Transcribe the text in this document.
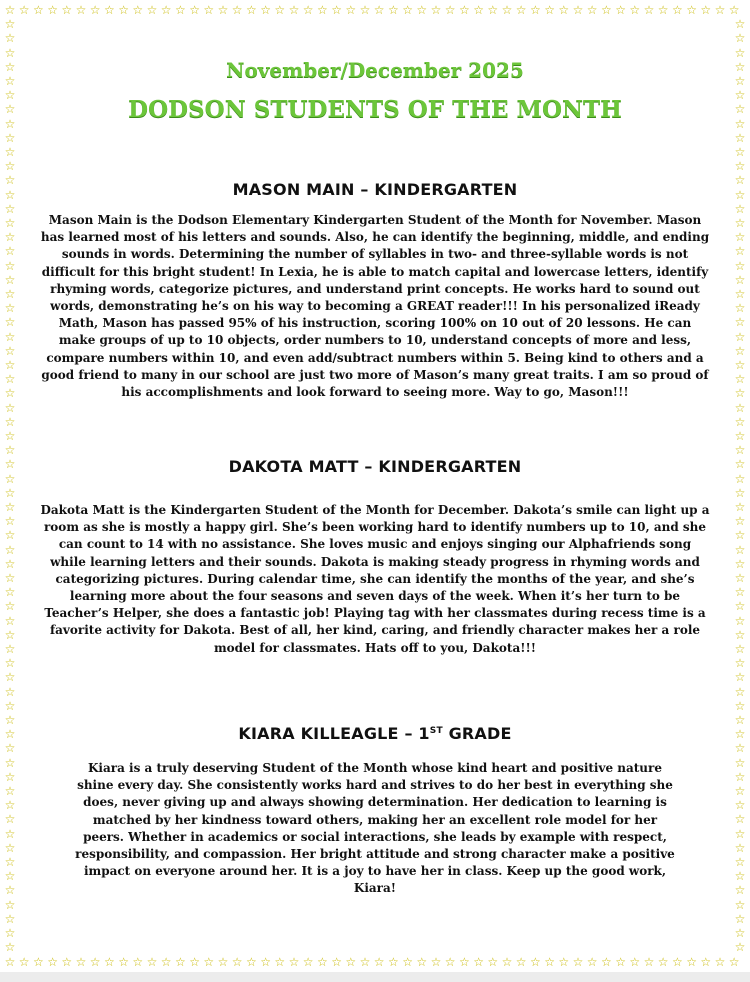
☆
☆
☆
☆
☆
☆
☆
☆
☆
☆
☆
☆
☆
☆
☆
☆
☆
☆
☆
☆
☆
☆
☆
☆
☆
☆
☆
☆
☆
☆
☆
☆
☆
☆
☆
☆
☆
☆
☆
☆
☆
☆
☆
☆
☆
☆
☆
☆
☆
☆
☆
☆
☆
☆
☆
☆
☆
☆
☆
☆
☆
☆
☆
☆
☆
☆
☆
☆
☆
☆
☆
☆
☆
☆
☆
☆
☆
☆
☆
☆
☆
☆
☆
☆
☆
☆
☆
☆
☆
☆
☆
☆
☆
☆
☆
☆
☆
☆
☆
☆
☆
☆
☆
☆
☆	☆
☆	☆
☆	☆
☆	☆
☆	☆
☆	☆
☆	☆
☆	☆
☆	☆
☆	☆
☆	☆
☆	☆
☆	☆
☆	☆
☆	☆
☆	☆
☆	☆
☆	☆
☆	☆
☆	☆
☆	☆
☆	☆
☆	☆
☆	☆
☆	☆
☆	☆
☆	☆
☆	☆
☆	☆
☆	☆
☆	☆
☆	☆
☆	☆
☆	☆
☆	☆
☆	☆
☆	☆
☆	☆
☆	☆
☆	☆
☆	☆
☆	☆
☆	☆
☆	☆
☆	☆
☆	☆
☆	☆
☆	☆
☆	☆
☆	☆
☆	☆
☆	☆
☆	☆
☆	☆
☆	☆
☆	☆
☆	☆
☆	☆
☆	☆
☆	☆
☆	☆
☆	☆
☆	☆
☆	☆
☆	☆
☆	☆
November/December 2025
DODSON STUDENTS OF THE MONTH
MASON MAIN – KINDERGARTEN
Mason Main is the Dodson Elementary Kindergarten Student of the Month for November. Mason has learned most of his letters and sounds. Also, he can identify the beginning, middle, and ending sounds in words. Determining the number of syllables in two- and three-syllable words is not difficult for this bright student! In Lexia, he is able to match capital and lowercase letters, identify rhyming words, categorize pictures, and understand print concepts. He works hard to sound out words, demonstrating he’s on his way to becoming a GREAT reader!!! In his personalized iReady Math, Mason has passed 95% of his instruction, scoring 100% on 10 out of 20 lessons. He can make groups of up to 10 objects, order numbers to 10, understand concepts of more and less, compare numbers within 10, and even add/subtract numbers within 5. Being kind to others and a good friend to many in our school are just two more of Mason’s many great traits. I am so proud of his accomplishments and look forward to seeing more. Way to go, Mason!!!
DAKOTA MATT – KINDERGARTEN
Dakota Matt is the Kindergarten Student of the Month for December. Dakota’s smile can light up a room as she is mostly a happy girl. She’s been working hard to identify numbers up to 10, and she can count to 14 with no assistance. She loves music and enjoys singing our Alphafriends song while learning letters and their sounds. Dakota is making steady progress in rhyming words and categorizing pictures. During calendar time, she can identify the months of the year, and she’s learning more about the four seasons and seven days of the week. When it’s her turn to be Teacher’s Helper, she does a fantastic job! Playing tag with her classmates during recess time is a favorite activity for Dakota. Best of all, her kind, caring, and friendly character makes her a role model for classmates. Hats off to you, Dakota!!!
KIARA KILLEAGLE – 1ST GRADE
Kiara is a truly deserving Student of the Month whose kind heart and positive nature shine every day. She consistently works hard and strives to do her best in everything she does, never giving up and always showing determination. Her dedication to learning is matched by her kindness toward others, making her an excellent role model for her peers. Whether in academics or social interactions, she leads by example with respect, responsibility, and compassion. Her bright attitude and strong character make a positive impact on everyone around her. It is a joy to have her in class. Keep up the good work, Kiara!
